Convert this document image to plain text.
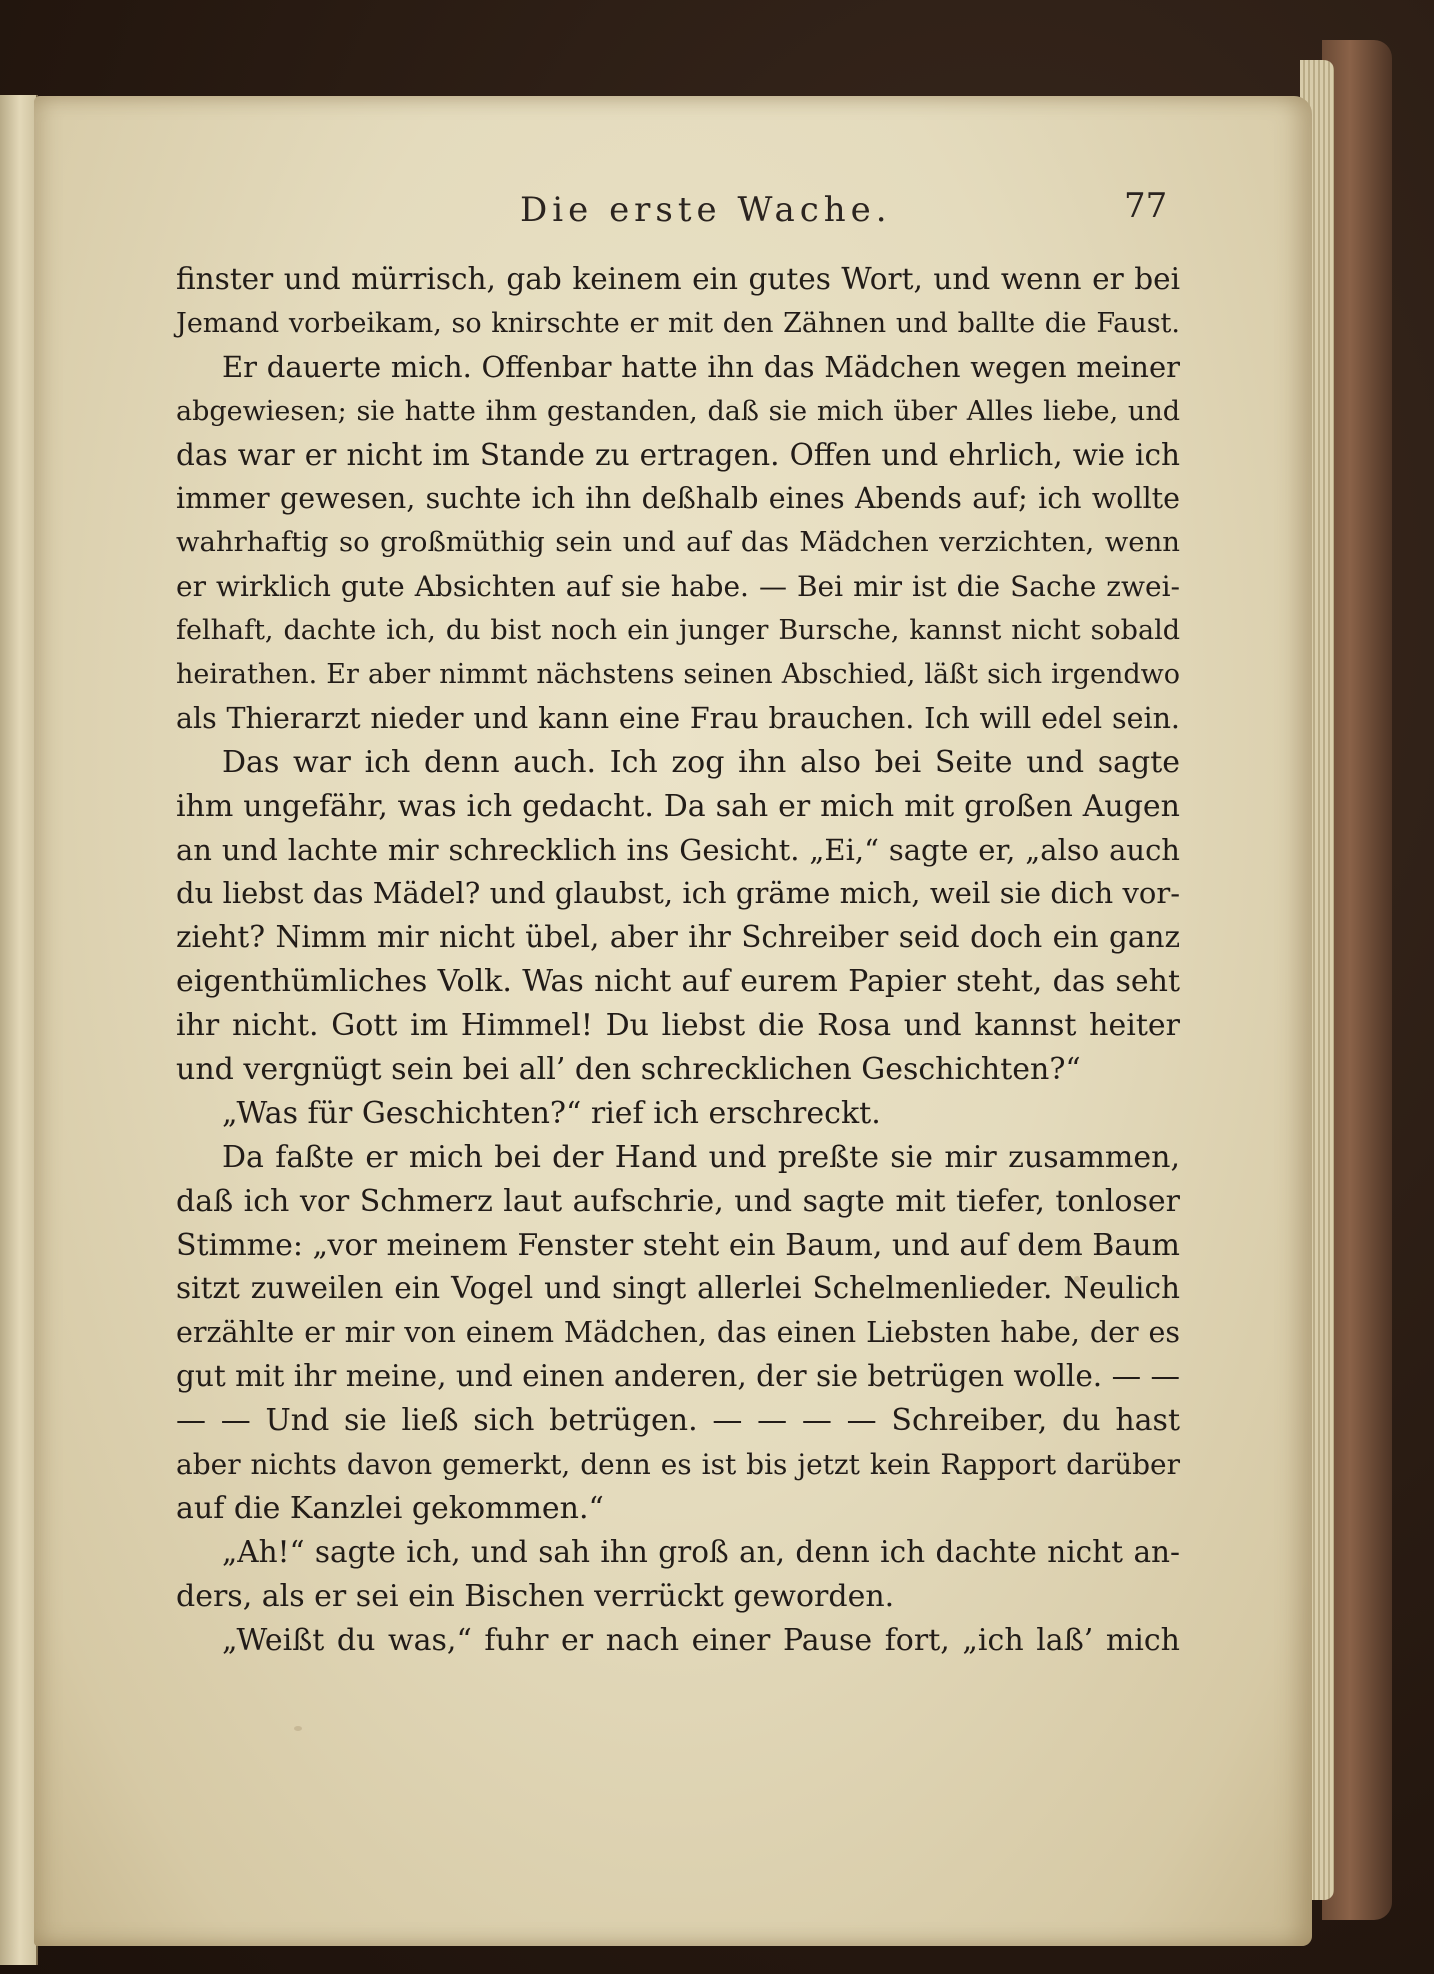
Die erste Wache.	77
finster und mürrisch, gab keinem ein gutes Wort, und wenn er bei
Jemand vorbeikam, so knirschte er mit den Zähnen und ballte die Faust.
Er dauerte mich. Offenbar hatte ihn das Mädchen wegen meiner
abgewiesen; sie hatte ihm gestanden, daß sie mich über Alles liebe, und
das war er nicht im Stande zu ertragen. Offen und ehrlich, wie ich
immer gewesen, suchte ich ihn deßhalb eines Abends auf; ich wollte
wahrhaftig so großmüthig sein und auf das Mädchen verzichten, wenn
er wirklich gute Absichten auf sie habe. — Bei mir ist die Sache zwei-
felhaft, dachte ich, du bist noch ein junger Bursche, kannst nicht sobald
heirathen. Er aber nimmt nächstens seinen Abschied, läßt sich irgendwo
als Thierarzt nieder und kann eine Frau brauchen. Ich will edel sein.
Das war ich denn auch. Ich zog ihn also bei Seite und sagte
ihm ungefähr, was ich gedacht. Da sah er mich mit großen Augen
an und lachte mir schrecklich ins Gesicht. „Ei,“ sagte er, „also auch
du liebst das Mädel? und glaubst, ich gräme mich, weil sie dich vor-
zieht? Nimm mir nicht übel, aber ihr Schreiber seid doch ein ganz
eigenthümliches Volk. Was nicht auf eurem Papier steht, das seht
ihr nicht. Gott im Himmel! Du liebst die Rosa und kannst heiter
und vergnügt sein bei all’ den schrecklichen Geschichten?“
„Was für Geschichten?“ rief ich erschreckt.
Da faßte er mich bei der Hand und preßte sie mir zusammen,
daß ich vor Schmerz laut aufschrie, und sagte mit tiefer, tonloser
Stimme: „vor meinem Fenster steht ein Baum, und auf dem Baum
sitzt zuweilen ein Vogel und singt allerlei Schelmenlieder. Neulich
erzählte er mir von einem Mädchen, das einen Liebsten habe, der es
gut mit ihr meine, und einen anderen, der sie betrügen wolle. — —
— — Und sie ließ sich betrügen. — — — — Schreiber, du hast
aber nichts davon gemerkt, denn es ist bis jetzt kein Rapport darüber
auf die Kanzlei gekommen.“
„Ah!“ sagte ich, und sah ihn groß an, denn ich dachte nicht an-
ders, als er sei ein Bischen verrückt geworden.
„Weißt du was,“ fuhr er nach einer Pause fort, „ich laß’ mich
